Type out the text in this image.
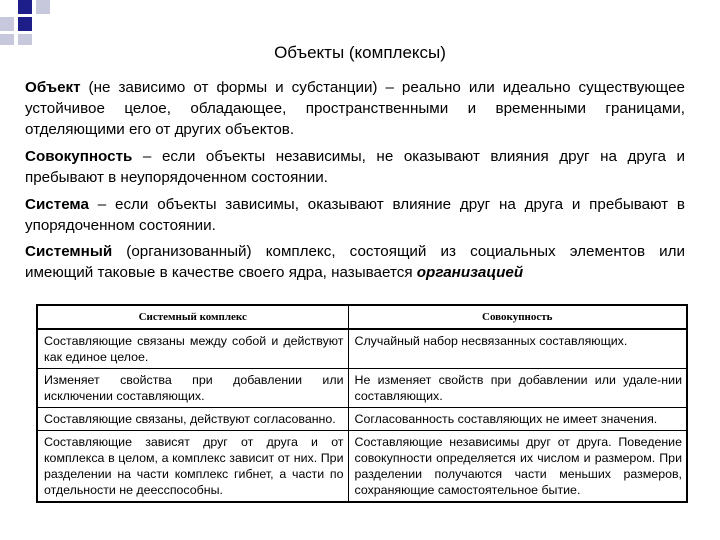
Объекты (комплексы)
Объект (не зависимо от формы и субстанции) – реально или идеально существующее устойчивое целое, обладающее, пространственными и временными границами, отделяющими его от других объектов.
Совокупность – если объекты независимы, не оказывают влияния друг на друга и пребывают в неупорядоченном состоянии.
Система – если объекты зависимы, оказывают влияние друг на друга и пребывают в упорядоченном состоянии.
Системный (организованный) комплекс, состоящий из социальных элементов или имеющий таковые в качестве своего ядра, называется организацией
Системный комплекс	Совокупность
Составляющие связаны между собой и действуют как единое целое.	Случайный набор несвязанных составляющих.
Изменяет свойства при добавлении или исключении составляющих.	Не изменяет свойств при добавлении или удале-нии составляющих.
Составляющие связаны, действуют согласованно.	Согласованность составляющих не имеет значения.
Составляющие зависят друг от друга и от комплекса в целом, а комплекс зависит от них. При разделении на части комплекс гибнет, а части по отдельности не деесспособны.	Составляющие независимы друг от друга. Поведение совокупности определяется их числом и размером. При разделении получаются части меньших размеров, сохраняющие самостоятельное бытие.
